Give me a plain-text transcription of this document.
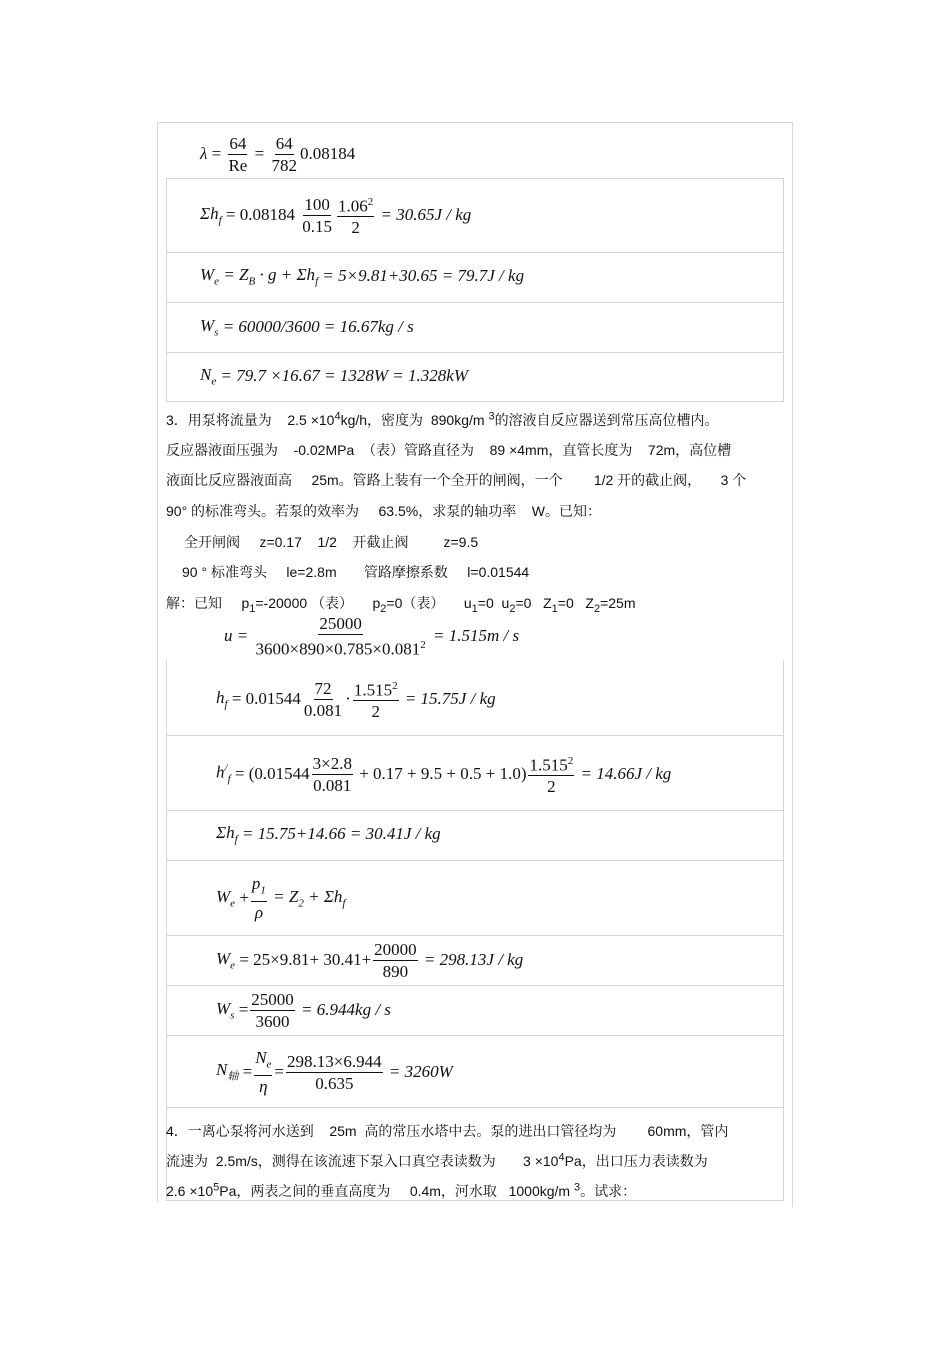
$\lambda = \frac{64}{Re} = \frac{64}{782} 0.08184$
$\Sigma h_f$
= 0.08184
$\frac{100}{0.15} \frac{1.06^2}{2}$
= 30.65J / kg
$W_e$
= $Z_B$
· $g + \Sigma h_f$
= 5×9.81+30.65 = 79.7J / kg
$W_s$
= 60000/3600 = 16.67kg / s
$N_e$
= 79.7 ×16.67 = 1328W = 1.328kW
3．用泵将流量为 $2.5 \times 10^4kg/h$，密度为 890kg/m $^3$的溶液自反应器送到常压高位槽内。
反应器液面压强为 -0.02MPa （表）管路直径为 89 ×4mm，直管长度为 72m，高位槽
液面比反应器液面高 25m。管路上装有一个全开的闸阀，一个 1/2 开的截止阀， 3 个
90° 的标准弯头。若泵的效率为 63.5%，求泵的轴功率 W。已知：
全开闸阀 z=0.17 1/2 开截止阀	z=9.5
90 ° 标准弯头 le=2.8m 管路摩擦系数 l=0.01544
解：已知 $p_1=-20000$ （表） $p_2=0$（表） $u_1=0$ $u_2=0$ $Z_1=0$ $Z_2=25m$
u =
$\frac{25000}{3600\times 890\times 0.785\times 0.081^2}$
= 1.515m / s
$h_f$
= $0.01544 \frac{72}{0.081} \cdot \frac{1.515^2}{2}$
= 15.75J / kg
$h^/_f$
= ($0.01544 \frac{3\times 2.8}{0.081}$
+ $0.17 + 9.5 + 0.5 + 1.0) \frac{1.515^2}{2}$
= 14.66J / kg
$\Sigma h_f$
= 15.75+14.66 = 30.41J / kg
$W_e$
+ $\frac{p_1}{\rho}$
= $Z_2$
+ $\Sigma h_f$
$W_e$
= $25\times 9.81+ 30.41+ \frac{20000}{890}$
= 298.13J / kg
$W_s$
= $\frac{25000}{3600}$
= 6.944kg / s
$N_轴$
= $\frac{N_e}{\eta} = \frac{298.13\times 6.944}{0.635}$
= 3260W
4．一离心泵将河水送到 25m 高的常压水塔中去。泵的进出口管径均为 60mm，管内
流速为 2.5m/s，测得在该流速下泵入口真空表读数为 $3 \times 10^4Pa$，出口压力表读数为
$2.6 \times 10^5Pa$，两表之间的垂直高度为 0.4m，河水取 1000kg/m $^3$。试求：
